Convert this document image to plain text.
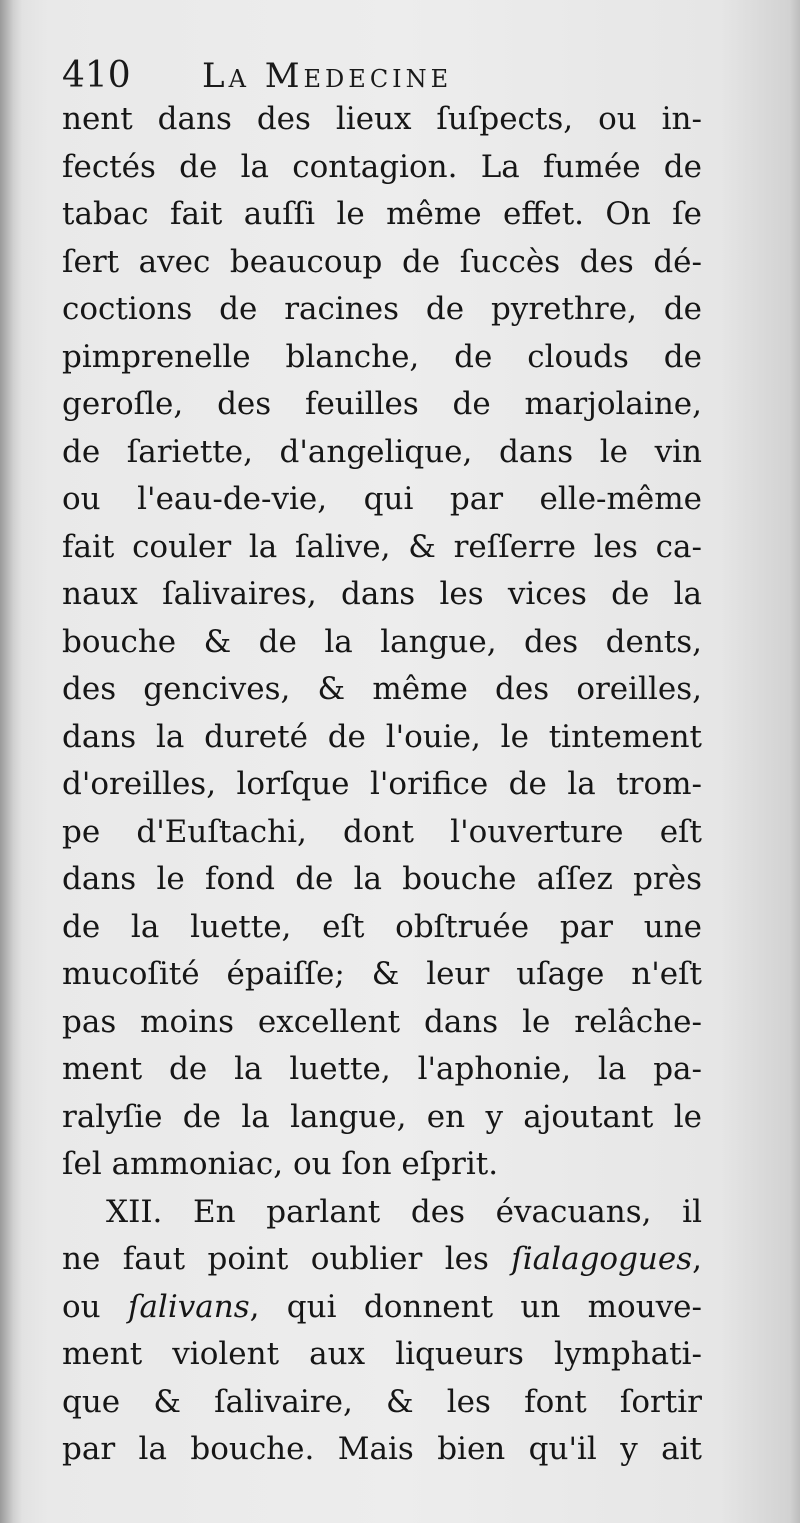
410 La Medecine
nent dans des lieux ſuſpects, ou in-
fectés de la contagion. La fumée de
tabac fait auſſi le même effet. On ſe
ſert avec beaucoup de ſuccès des dé-
coctions de racines de pyrethre, de
pimprenelle blanche, de clouds de
geroſle, des feuilles de marjolaine,
de ſariette, d'angelique, dans le vin
ou l'eau-de-vie, qui par elle-même
fait couler la ſalive, & reſſerre les ca-
naux ſalivaires, dans les vices de la
bouche & de la langue, des dents,
des gencives, & même des oreilles,
dans la dureté de l'ouie, le tintement
d'oreilles, lorſque l'orifice de la trom-
pe d'Euſtachi, dont l'ouverture eſt
dans le fond de la bouche aſſez près
de la luette, eſt obſtruée par une
mucoſité épaiſſe; & leur uſage n'eſt
pas moins excellent dans le relâche-
ment de la luette, l'aphonie, la pa-
ralyſie de la langue, en y ajoutant le
ſel ammoniac, ou ſon eſprit.
XII. En parlant des évacuans, il
ne faut point oublier les ſialagogues,
ou ſalivans, qui donnent un mouve-
ment violent aux liqueurs lymphati-
que & ſalivaire, & les font ſortir
par la bouche. Mais bien qu'il y ait
